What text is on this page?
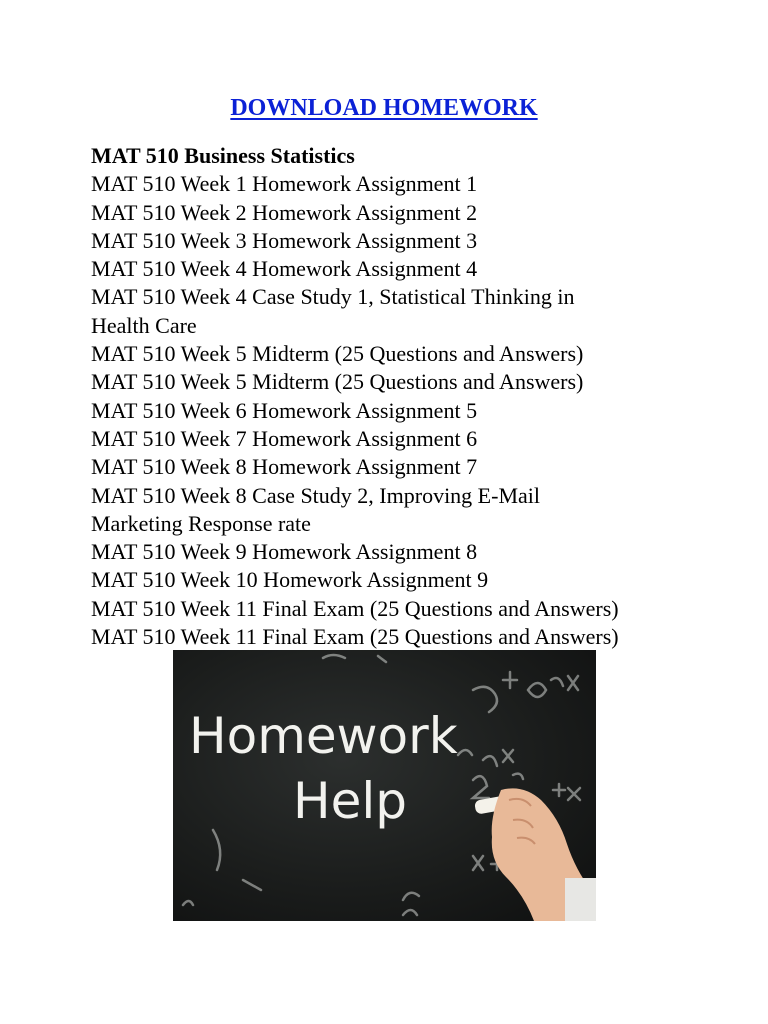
DOWNLOAD HOMEWORK
MAT 510 Business Statistics
MAT 510 Week 1 Homework Assignment 1
MAT 510 Week 2 Homework Assignment 2
MAT 510 Week 3 Homework Assignment 3
MAT 510 Week 4 Homework Assignment 4
MAT 510 Week 4 Case Study 1, Statistical Thinking in Health Care
MAT 510 Week 5 Midterm (25 Questions and Answers)
MAT 510 Week 5 Midterm (25 Questions and Answers)
MAT 510 Week 6 Homework Assignment 5
MAT 510 Week 7 Homework Assignment 6
MAT 510 Week 8 Homework Assignment 7
MAT 510 Week 8 Case Study 2, Improving E-Mail Marketing Response rate
MAT 510 Week 9 Homework Assignment 8
MAT 510 Week 10 Homework Assignment 9
MAT 510 Week 11 Final Exam (25 Questions and Answers)
MAT 510 Week 11 Final Exam (25 Questions and Answers)
Homework
Help
